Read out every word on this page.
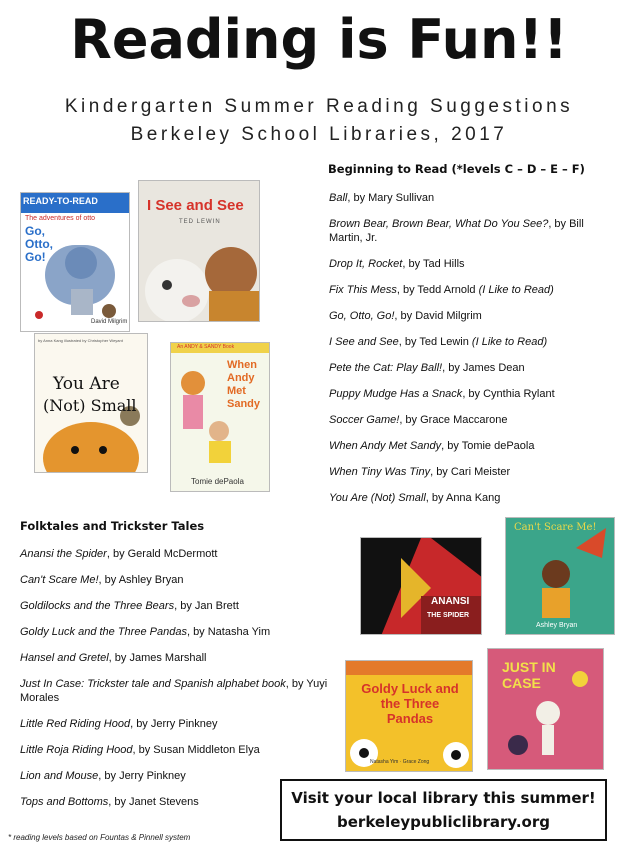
Reading is Fun!!
Kindergarten Summer Reading Suggestions
Berkeley School Libraries, 2017
READY-TO-READ
The adventures of otto
Go, Otto, Go!
David Milgrim
I See and See
TED LEWIN
by Anna Kang illustrated by Christopher Weyant
You Are
(Not) Small
An ANDY & SANDY Book
When Andy Met Sandy
Tomie dePaola
Beginning to Read (*levels C – D – E – F)
Ball, by Mary Sullivan
Brown Bear, Brown Bear, What Do You See?, by Bill Martin, Jr.
Drop It, Rocket, by Tad Hills
Fix This Mess, by Tedd Arnold (I Like to Read)
Go, Otto, Go!, by David Milgrim
I See and See, by Ted Lewin (I Like to Read)
Pete the Cat: Play Ball!, by James Dean
Puppy Mudge Has a Snack, by Cynthia Rylant
Soccer Game!, by Grace Maccarone
When Andy Met Sandy, by Tomie dePaola
When Tiny Was Tiny, by Cari Meister
You Are (Not) Small, by Anna Kang
Folktales and Trickster Tales
Anansi the Spider, by Gerald McDermott
Can't Scare Me!, by Ashley Bryan
Goldilocks and the Three Bears, by Jan Brett
Goldy Luck and the Three Pandas, by Natasha Yim
Hansel and Gretel, by James Marshall
Just In Case: Trickster tale and Spanish alphabet book, by Yuyi Morales
Little Red Riding Hood, by Jerry Pinkney
Little Roja Riding Hood, by Susan Middleton Elya
Lion and Mouse, by Jerry Pinkney
Tops and Bottoms, by Janet Stevens
ANANSI
THE SPIDER
Can't Scare Me!
Ashley Bryan
Goldy Luck and the Three Pandas
Natasha Yim · Grace Zong
JUST IN CASE
Visit your local library this summer!
berkeleypubliclibrary.org
* reading levels based on Fountas & Pinnell system
